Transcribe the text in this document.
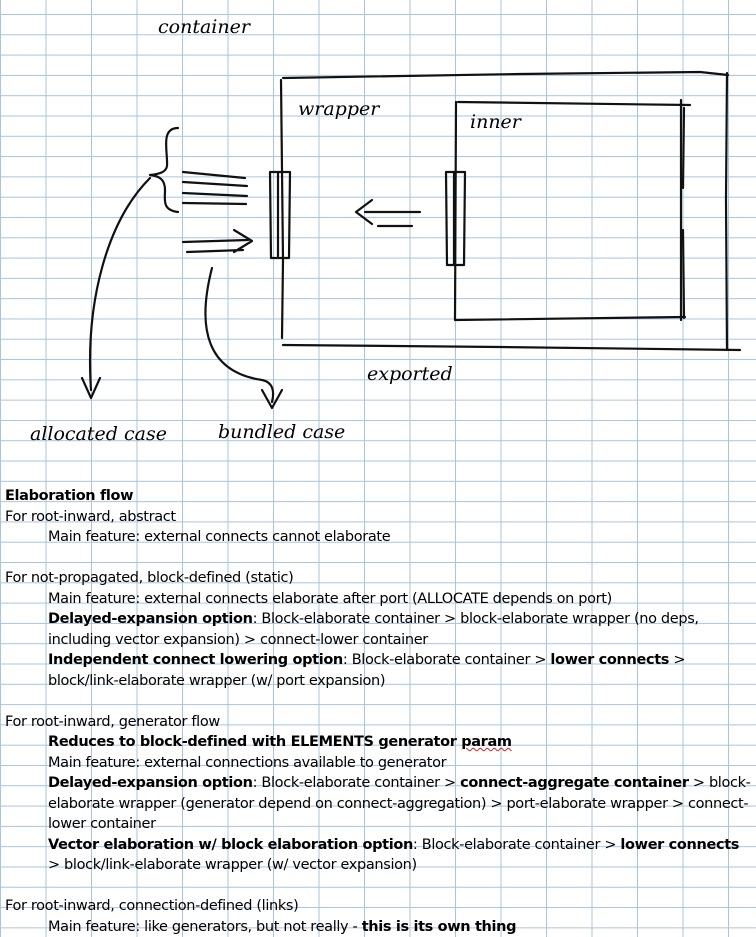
container
wrapper
inner
exported
allocated case	bundled case
Elaboration flow
For root-inward, abstract
Main feature: external connects cannot elaborate
For not-propagated, block-defined (static)
Main feature: external connects elaborate after port (ALLOCATE depends on port)
Delayed-expansion option: Block-elaborate container > block-elaborate wrapper (no deps, including vector expansion) > connect-lower container
Independent connect lowering option: Block-elaborate container > lower connects > block/link-elaborate wrapper (w/ port expansion)
For root-inward, generator flow
Reduces to block-defined with ELEMENTS generator param
Main feature: external connections available to generator
Delayed-expansion option: Block-elaborate container > connect-aggregate container > block-elaborate wrapper (generator depend on connect-aggregation) > port-elaborate wrapper > connect-lower container
Vector elaboration w/ block elaboration option: Block-elaborate container > lower connects > block/link-elaborate wrapper (w/ vector expansion)
For root-inward, connection-defined (links)
Main feature: like generators, but not really - this is its own thing
